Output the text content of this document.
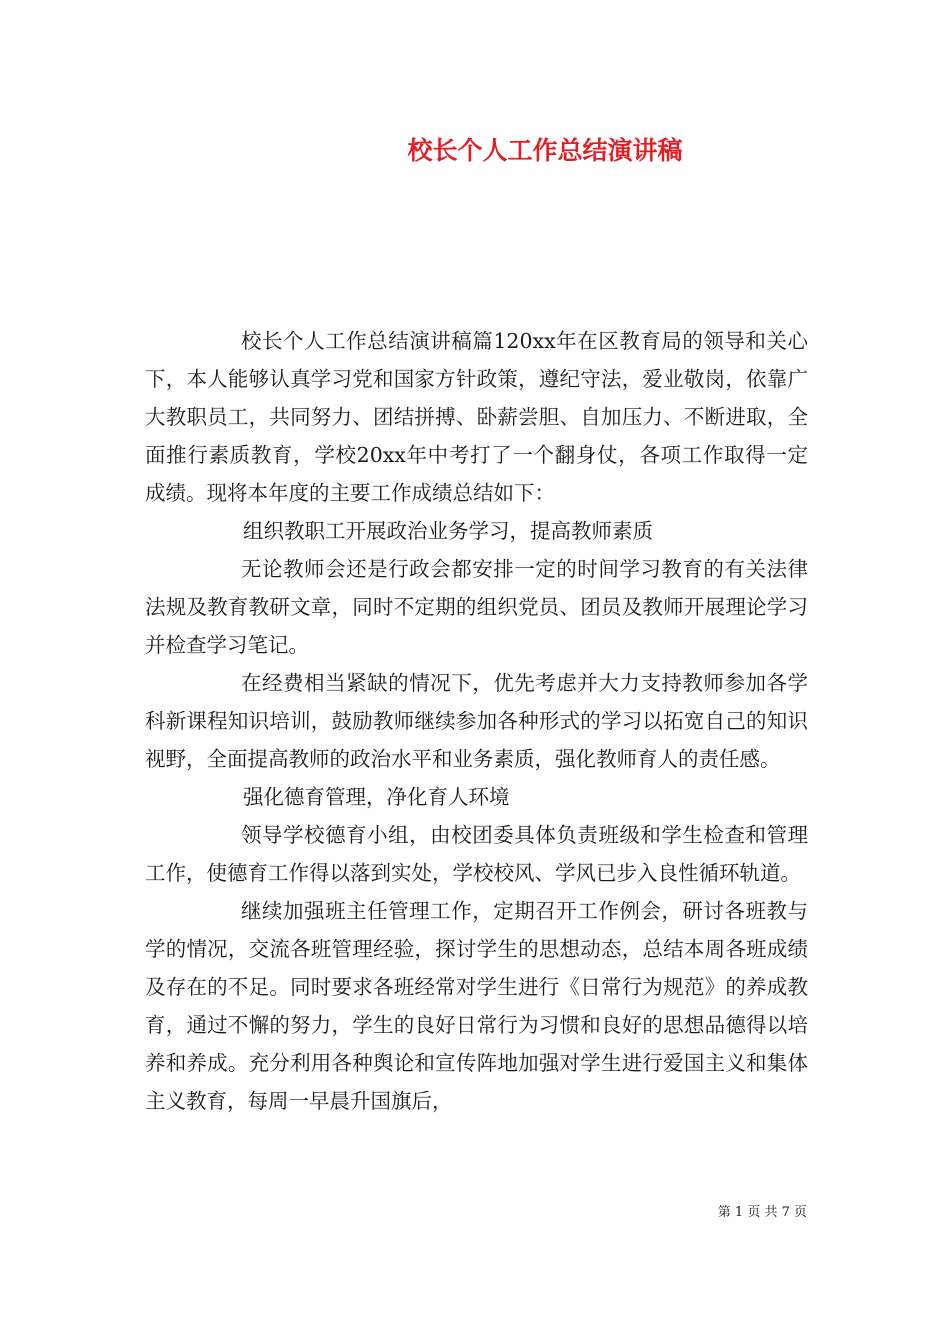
校长个人工作总结演讲稿

校长个人工作总结演讲稿篇120xx年在区教育局的领导和关心下，本人能够认真学习党和国家方针政策，遵纪守法，爱业敬岗，依靠广大教职员工，共同努力、团结拼搏、卧薪尝胆、自加压力、不断进取，全面推行素质教育，学校20xx年中考打了一个翻身仗，各项工作取得一定成绩。现将本年度的主要工作成绩总结如下：

组织教职工开展政治业务学习，提高教师素质

无论教师会还是行政会都安排一定的时间学习教育的有关法律法规及教育教研文章，同时不定期的组织党员、团员及教师开展理论学习并检查学习笔记。

在经费相当紧缺的情况下，优先考虑并大力支持教师参加各学科新课程知识培训，鼓励教师继续参加各种形式的学习以拓宽自己的知识视野，全面提高教师的政治水平和业务素质，强化教师育人的责任感。

强化德育管理，净化育人环境

领导学校德育小组，由校团委具体负责班级和学生检查和管理工作，使德育工作得以落到实处，学校校风、学风已步入良性循环轨道。

继续加强班主任管理工作，定期召开工作例会，研讨各班教与学的情况，交流各班管理经验，探讨学生的思想动态，总结本周各班成绩及存在的不足。同时要求各班经常对学生进行《日常行为规范》的养成教育，通过不懈的努力，学生的良好日常行为习惯和良好的思想品德得以培养和养成。充分利用各种舆论和宣传阵地加强对学生进行爱国主义和集体主义教育，每周一早晨升国旗后，

第 1 页 共 7 页
